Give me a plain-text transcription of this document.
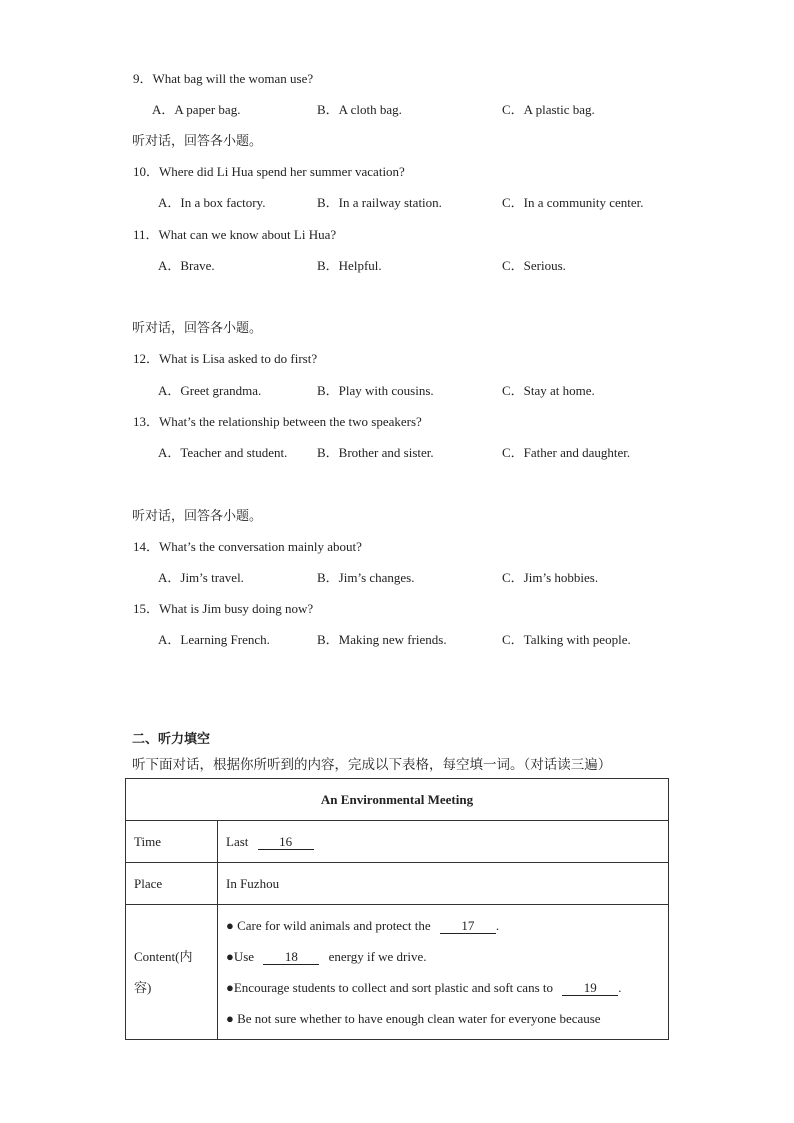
9．What bag will the woman use?
A．A paper bag.	B．A cloth bag.	C．A plastic bag.
听对话，回答各小题。
10．Where did Li Hua spend her summer vacation?
A．In a box factory.	B．In a railway station.	C．In a community center.
11．What can we know about Li Hua?
A．Brave.	B．Helpful.	C．Serious.
听对话，回答各小题。
12．What is Lisa asked to do first?
A．Greet grandma.	B．Play with cousins.	C．Stay at home.
13．What’s the relationship between the two speakers?
A．Teacher and student. B．Brother and sister.	C．Father and daughter.
听对话，回答各小题。
14．What’s the conversation mainly about?
A．Jim’s travel.	B．Jim’s changes.	C．Jim’s hobbies.
15．What is Jim busy doing now?
A．Learning French.	B．Making new friends.	C．Talking with people.
二、听力填空
听下面对话，根据你所听到的内容，完成以下表格，每空填一词。（对话读三遍）
An Environmental Meeting	
Time	Last 16
Place	In Fuzhou
Content(内容)	● Care for wild animals and protect the 17 .
●Use 18 energy if we drive.
●Encourage students to collect and sort plastic and soft cans to 19 .
● Be not sure whether to have enough clean water for everyone because
